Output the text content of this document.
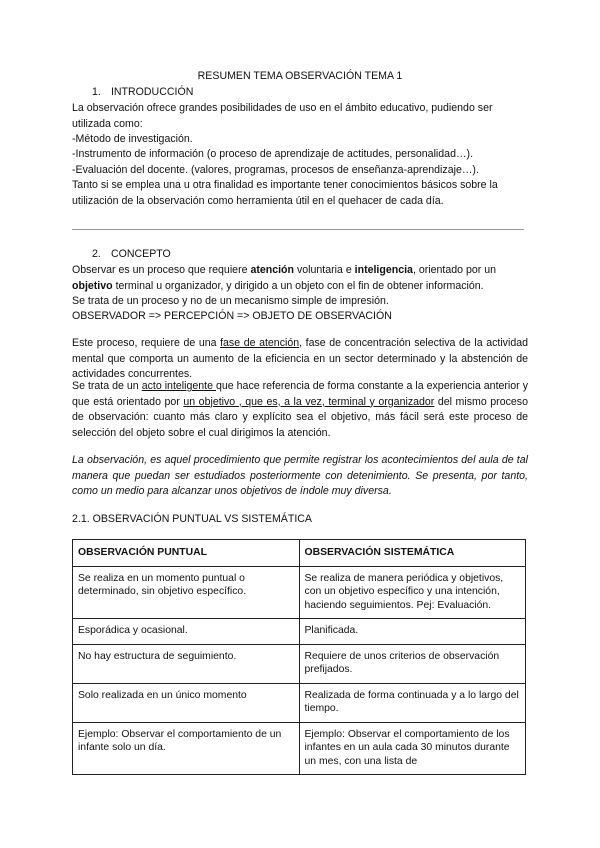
RESUMEN TEMA OBSERVACIÓN TEMA 1

1. INTRODUCCIÓN

La observación ofrece grandes posibilidades de uso en el ámbito educativo, pudiendo ser utilizada como:

-Método de investigación.

-Instrumento de información (o proceso de aprendizaje de actitudes, personalidad…).

-Evaluación del docente. (valores, programas, procesos de enseñanza-aprendizaje…).

Tanto si se emplea una u otra finalidad es importante tener conocimientos básicos sobre la utilización de la observación como herramienta útil en el quehacer de cada día.

2. CONCEPTO

Observar es un proceso que requiere atención voluntaria e inteligencia, orientado por un objetivo terminal u organizador, y dirigido a un objeto con el fin de obtener información.

Se trata de un proceso y no de un mecanismo simple de impresión.

OBSERVADOR => PERCEPCIÓN => OBJETO DE OBSERVACIÓN

Este proceso, requiere de una fase de atención, fase de concentración selectiva de la actividad mental que comporta un aumento de la eficiencia en un sector determinado y la abstención de actividades concurrentes.

Se trata de un acto inteligente que hace referencia de forma constante a la experiencia anterior y que está orientado por un objetivo , que es, a la vez, terminal y organizador del mismo proceso de observación: cuanto más claro y explícito sea el objetivo, más fácil será este proceso de selección del objeto sobre el cual dirigimos la atención.

La observación, es aquel procedimiento que permite registrar los acontecimientos del aula de tal manera que puedan ser estudiados posteriormente con detenimiento. Se presenta, por tanto, como un medio para alcanzar unos objetivos de índole muy diversa.

2.1. OBSERVACIÓN PUNTUAL VS SISTEMÁTICA

OBSERVACIÓN PUNTUAL	OBSERVACIÓN SISTEMÁTICA
Se realiza en un momento puntual o determinado, sin objetivo específico.	Se realiza de manera periódica y objetivos, con un objetivo específico y una intención, haciendo seguimientos. Pej: Evaluación.
Esporádica y ocasional.	Planificada.
No hay estructura de seguimiento.	Requiere de unos criterios de observación prefijados.
Solo realizada en un único momento	Realizada de forma continuada y a lo largo del tiempo.
Ejemplo: Observar el comportamiento de un infante solo un día.	Ejemplo: Observar el comportamiento de los infantes en un aula cada 30 minutos durante un mes, con una lista de
